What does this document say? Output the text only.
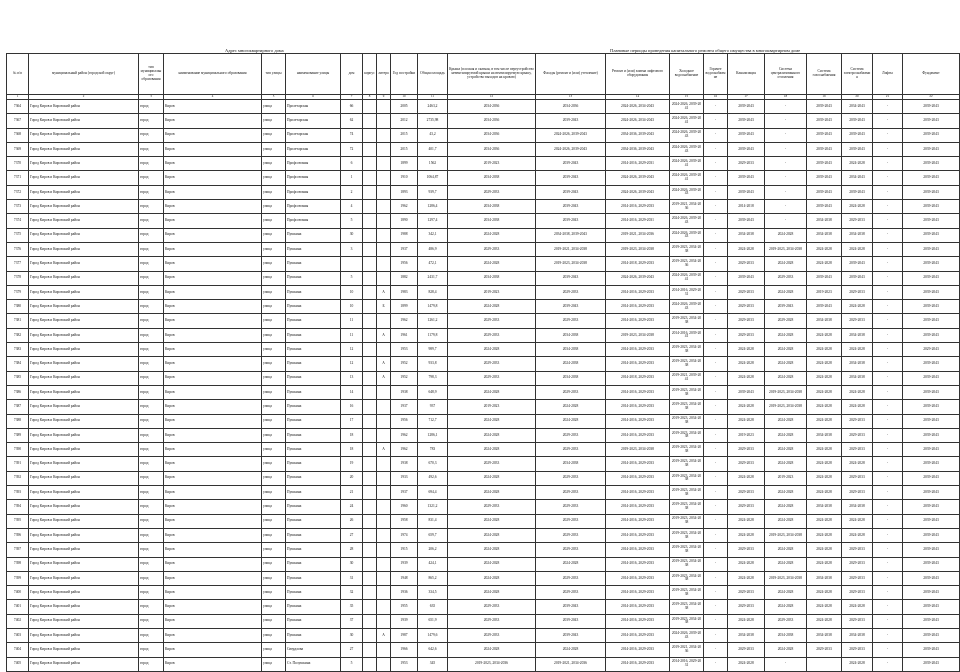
Адрес многоквартирного дома	Плановые периоды проведения капитального ремонта общего имущества в многоквартирном доме
№ п/п	муниципальный район (городской округ)	тип муниципального образования	наименование муниципального образования	тип улицы	наименование улицы	дом	корпус	литера	Год постройки	Общая площадь	Крыша (плоская и скатная, в том числе переустройство невентилируемой крыши на вентилируемую крышу, устройство выходов на кровлю)	Фасады (ремонт и (или) утепление)	Ремонт и (или) замена лифтового оборудования	Холодное водоснабжение	Горячее водоснабжение	Канализация	Система централизованного отопления	Система газоснабжения	Система электроснабжения	Лифты	Фундамент
1	2	3	4	5	6	7	8	9	10	11	12	13	14	15	16	17	18	19	20	21	22
7364	Город Киров и Кировский район	город	Киров	улица	Пролетарская	66			2005	2463,2	2034-2036	2034-2036	2024-2026, 2034-2043	2024-2026, 2039-2041	-	2039-2043	-	2039-2043	2034-2043	-	2039-2043
7367	Город Киров и Кировский район	город	Киров	улица	Пролетарская	62			2012	2735,98	2034-2036	2039-2043	2024-2026, 2034-2043	2024-2026, 2039-2041	-	2039-2043	-	2039-2043	2039-2043	-	2039-2043
7368	Город Киров и Кировский район	город	Киров	улица	Пролетарская	74			2015	43,2	2034-2036	2024-2026, 2039-2043	2034-2036, 2039-2043	2024-2026, 2039-2043	-	2039-2043	-	2039-2043	2039-2043	-	2039-2043
7369	Город Киров и Кировский район	город	Киров	улица	Пролетарская	72			2015	401,7	2034-2036	2024-2026, 2039-2043	2034-2036, 2039-2043	2024-2026, 2039-2043	-	2039-2043	-	2039-2043	2039-2043	-	2039-2043
7370	Город Киров и Кировский район	город	Киров	улица	Профсоюзная	6			1899	1562	2019-2023	2039-2043	2014-2016, 2029-2031	2024-2026, 2039-2041	-	2029-2033	-	2039-2043	2024-2028	-	2039-2043
7371	Город Киров и Кировский район	город	Киров	улица	Профсоюзная	1			1910	1064,87	2034-2038	2039-2043	2024-2026, 2039-2043	2024-2026, 2039-2041	-	2039-2043	-	2039-2043	2034-2043	-	2039-2043
7372	Город Киров и Кировский район	город	Киров	улица	Профсоюзная	2			1893	939,7	2029-2033	2039-2043	2024-2026, 2039-2043	2024-2026, 2039-2043	-	2039-2043	-	2039-2043	2039-2043	-	2039-2043
7373	Город Киров и Кировский район	город	Киров	улица	Профсоюзная	4			1962	1286,4	2034-2038	2039-2043	2014-2016, 2029-2033	2019-2021, 2034-2036	-	2014-2018	-	2039-2043	2024-2028	-	2039-2043
7374	Город Киров и Кировский район	город	Киров	улица	Профсоюзная	5			1890	1297,4	2034-2038	2039-2043	2014-2016, 2029-2031	2024-2026, 2039-2043	-	2039-2043	-	2034-2038	2029-2033	-	2039-2043
7375	Город Киров и Кировский район	город	Киров	улица	Пушкина	30			1988	342,1	2024-2028	2034-2038, 2039-2043	2019-2021, 2034-2036	2024-2026, 2039-2043	-	2034-2038	2024-2028	2034-2038	2034-2038	-	2039-2043
7376	Город Киров и Кировский район	город	Киров	улица	Пушкина	3			1937	486,9	2029-2033	2019-2021, 2034-2038	2019-2023, 2034-2038	2019-2023, 2034-2038	-	2024-2028	2019-2023, 2034-2038	2024-2028	2024-2028	-	2039-2043
7377	Город Киров и Кировский район	город	Киров	улица	Пушкина				1956	472,1	2024-2028	2019-2023, 2034-2038	2014-2018, 2029-2033	2019-2023, 2034-2036	-	2029-2033	2024-2028	2024-2028	2039-2043	-	2039-2043
7378	Город Киров и Кировский район	город	Киров	улица	Пушкина	5			1882	2431,7	2034-2038	2039-2043	2024-2026, 2039-2043	2024-2026, 2039-2041	-	2039-2043	2029-2033	2039-2043	2039-2043	-	2039-2043
7379	Город Киров и Кировский район	город	Киров	улица	Пушкина	10		А	1983	828,4	2019-2023	2029-2033	2014-2016, 2029-2033	2014-2016, 2029-2031	-	2029-2033	2024-2028	2019-2023	2029-2033	-	2039-2043
7380	Город Киров и Кировский район	город	Киров	улица	Пушкина	10		Б	1899	1479,8	2024-2028	2039-2043	2014-2016, 2029-2033	2024-2026, 2039-2043	-	2029-2033	2039-2043	2039-2043	2024-2028	-	2039-2043
7381	Город Киров и Кировский район	город	Киров	улица	Пушкина	11			1962	1261,2	2029-2033	2029-2033	2014-2016, 2029-2033	2019-2023, 2034-2038	-	2029-2033	2029-2028	2034-2038	2029-2033	-	2039-2043
7382	Город Киров и Кировский район	город	Киров	улица	Пушкина	11		А	1961	1179,8	2029-2033	2034-2038	2019-2023, 2034-2038	2014-2016, 2039-2041	-	2029-2033	2024-2028	2024-2028	2034-2038	-	2039-2043
7383	Город Киров и Кировский район	город	Киров	улица	Пушкина	12			1953	989,7	2024-2028	2034-2038	2014-2016, 2029-2033	2019-2023, 2034-2038	-	2024-2028	2024-2028	2024-2028	2024-2028	-	2029-2043
7384	Город Киров и Кировский район	город	Киров	улица	Пушкина	12		А	1952	933,8	2029-2033	2024-2038	2014-2016, 2029-2033	2019-2023, 2034-2038	-	2024-2028	2024-2028	2024-2028	2034-2038	-	2039-2043
7385	Город Киров и Кировский район	город	Киров	улица	Пушкина	13		А	1952	798,3	2029-2033	2034-2038	2014-2018, 2029-2033	2019-2021, 2039-2041	-	2024-2028	2024-2028	2024-2028	2034-2038	-	2039-2043
7386	Город Киров и Кировский район	город	Киров	улица	Пушкина	14			1938	648,9	2024-2028	2029-2033	2014-2016, 2029-2033	2019-2023, 2034-2038	-	2039-2043	2019-2023, 2034-2038	2024-2028	2024-2028	-	2039-2043
7387	Город Киров и Кировский район	город	Киров	улица	Пушкина	16			1937	937	2019-2023	2024-2028	2014-2016, 2029-2033	2019-2023, 2034-2038	-	2024-2028	2019-2023, 2034-2038	2024-2028	2024-2028	-	2039-2043
7388	Город Киров и Кировский район	город	Киров	улица	Пушкина	17			1956	712,7	2024-2028	2024-2028	2014-2016, 2029-2033	2019-2023, 2034-2038	-	2024-2028	2024-2028	2024-2028	2029-2033	-	2039-2043
7389	Город Киров и Кировский район	город	Киров	улица	Пушкина	18			1962	1286,1	2024-2028	2029-2033	2014-2016, 2029-2033	2019-2023, 2034-2038	-	2019-2023	2024-2028	2034-2038	2029-2033	-	2039-2043
7390	Город Киров и Кировский район	город	Киров	улица	Пушкина	18		А	1962	783	2024-2028	2029-2033	2019-2023, 2034-2038	2019-2023, 2034-2038	-	2029-2033	2024-2028	2024-2028	2029-2033	-	2039-2043
7391	Город Киров и Кировский район	город	Киров	улица	Пушкина	19			1938	670,3	2029-2033	2034-2038	2014-2016, 2029-2033	2019-2023, 2034-2038	-	2029-2033	2024-2028	2024-2028	2024-2028	-	2039-2043
7392	Город Киров и Кировский район	город	Киров	улица	Пушкина	20			1933	492,6	2024-2028	2029-2033	2014-2016, 2029-2033	2019-2023, 2034-2038	-	2024-2028	2019-2023	2024-2028	2029-2033	-	2039-2043
7393	Город Киров и Кировский район	город	Киров	улица	Пушкина	21			1937	694,4	2024-2028	2029-2033	2014-2016, 2029-2033	2019-2023, 2034-2038	-	2029-2033	2024-2028	2024-2028	2029-2033	-	2039-2043
7394	Город Киров и Кировский район	город	Киров	улица	Пушкина	24			1960	1321,2	2029-2033	2029-2033	2014-2016, 2029-2033	2019-2023, 2034-2038	-	2029-2033	2024-2028	2034-2038	2034-2038	-	2039-2043
7395	Город Киров и Кировский район	город	Киров	улица	Пушкина	26			1958	831,4	2024-2028	2029-2033	2014-2016, 2029-2033	2019-2023, 2034-2038	-	2024-2028	2024-2028	2024-2028	2024-2028	-	2039-2043
7396	Город Киров и Кировский район	город	Киров	улица	Пушкина	27			1974	659,7	2024-2028	2029-2033	2014-2016, 2029-2033	2019-2023, 2034-2038	-	2024-2028	2019-2023, 2034-2038	2024-2028	2024-2028	-	2039-2043
7397	Город Киров и Кировский район	город	Киров	улица	Пушкина	28			1915	206,2	2024-2028	2029-2033	2014-2016, 2029-2033	2019-2023, 2034-2038	-	2029-2033	2024-2028	2024-2028	2029-2033	-	2039-2043
7398	Город Киров и Кировский район	город	Киров	улица	Пушкина	30			1939	424,1	2024-2028	2024-2028	2014-2016, 2029-2033	2019-2023, 2034-2038	-	2024-2028	2024-2028	2024-2028	2029-2033	-	2039-2043
7399	Город Киров и Кировский район	город	Киров	улица	Пушкина	31			1948	865,2	2024-2028	2029-2033	2014-2016, 2029-2033	2019-2023, 2034-2038	-	2024-2028	2019-2023, 2034-2038	2034-2038	2029-2033	-	2039-2043
7400	Город Киров и Кировский район	город	Киров	улица	Пушкина	32			1936	334,5	2024-2028	2029-2033	2014-2016, 2029-2033	2019-2023, 2034-2038	-	2029-2033	2024-2028	2024-2028	2029-2033	-	2039-2043
7401	Город Киров и Кировский район	город	Киров	улица	Пушкина	35			1955	635	2029-2033	2039-2043	2014-2016, 2029-2033	2019-2023, 2034-2038	-	2029-2033	2024-2028	2024-2028	2024-2028	-	2039-2043
7402	Город Киров и Кировский район	город	Киров	улица	Пушкина	37			1939	651,9	2029-2033	2039-2043	2014-2016, 2029-2033	2019-2023, 2034-2038	-	2024-2028	2029-2033	2024-2028	2029-2033	-	2039-2043
7403	Город Киров и Кировский район	город	Киров	улица	Пушкина	30		А	1987	1479,6	2029-2033	2039-2043	2014-2016, 2029-2033	2024-2026, 2039-2043	-	2034-2038	2034-2038	2034-2038	2034-2038	-	2039-2043
7404	Город Киров и Кировский район	город	Киров	улица	Свердлова	27			1966	642,6	2024-2028	2024-2028	2014-2016, 2029-2033	2019-2021, 2034-2036	-	2029-2033	2024-2028	2029-2033	2029-2033	-	2039-2043
7405	Город Киров и Кировский район	город	Киров	улица	Ст. Полушкина	5			1953	345	2019-2023, 2034-2036	2019-2021, 2034-2036	2014-2016, 2029-2033	2014-2016, 2029-2031	-	2024-2028	-		2024-2028	-	2039-2043
